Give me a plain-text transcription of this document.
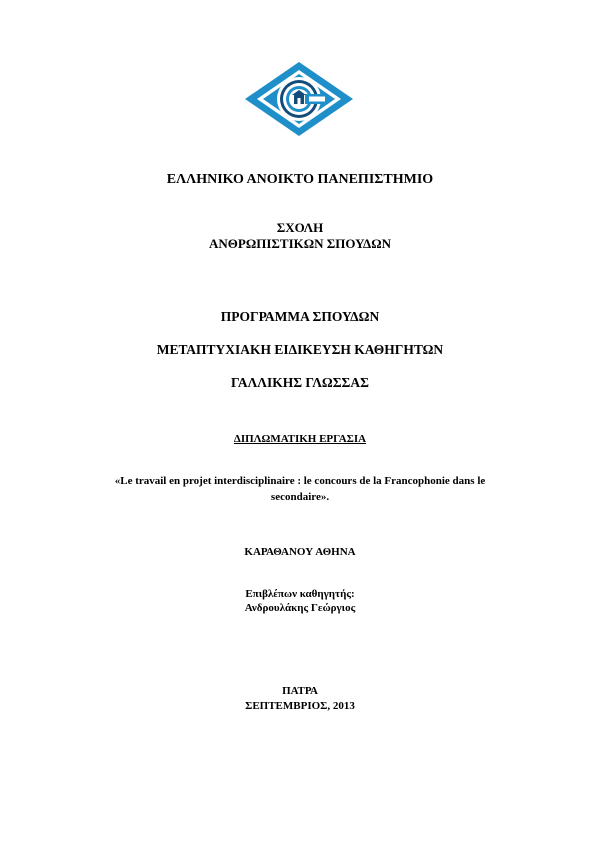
ΕΛΛΗΝΙΚΟ ΑΝΟΙΚΤΟ ΠΑΝΕΠΙΣΤΗΜΙΟ
ΣΧΟΛΗ
ΑΝΘΡΩΠΙΣΤΙΚΩΝ ΣΠΟΥΔΩΝ
ΠΡΟΓΡΑΜΜΑ ΣΠΟΥΔΩΝ
ΜΕΤΑΠΤΥΧΙΑΚΗ ΕΙΔΙΚΕΥΣΗ ΚΑΘΗΓΗΤΩΝ
ΓΑΛΛΙΚΗΣ ΓΛΩΣΣΑΣ
ΔΙΠΛΩΜΑΤΙΚΗ ΕΡΓΑΣΙΑ
«Le travail en projet interdisciplinaire : le concours de la Francophonie dans le
secondaire».
ΚΑΡΑΘΑΝΟΥ ΑΘΗΝΑ
Επιβλέπων καθηγητής:
Ανδρουλάκης Γεώργιος
ΠΑΤΡΑ
ΣΕΠΤΕΜΒΡΙΟΣ, 2013
